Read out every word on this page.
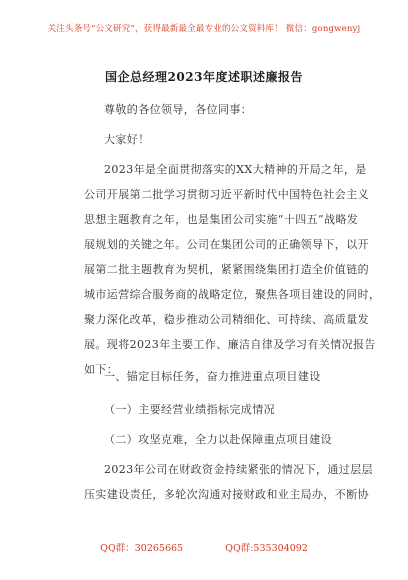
关注头条号“公文研究”，获得最新最全最专业的公文资料库！ 微信：gongwenyj
国企总经理2023年度述职述廉报告
尊敬的各位领导，各位同事：
大家好！
2023年是全面贯彻落实的XX大精神的开局之年，是
公司开展第二批学习贯彻习近平新时代中国特色社会主义
思想主题教育之年，也是集团公司实施“十四五”战略发
展规划的关键之年。公司在集团公司的正确领导下，以开
展第二批主题教育为契机，紧紧围绕集团打造全价值链的
城市运营综合服务商的战略定位，聚焦各项目建设的同时，
聚力深化改革，稳步推动公司精细化、可持续、高质量发
展。现将2023年主要工作、廉洁自律及学习有关情况报告
如下：
一、锚定目标任务，奋力推进重点项目建设
（一）主要经营业绩指标完成情况
（二）攻坚克难，全力以赴保障重点项目建设
2023年公司在财政资金持续紧张的情况下，通过层层
压实建设责任，多轮次沟通对接财政和业主局办，不断协
QQ群：30265665	QQ群:535304092
